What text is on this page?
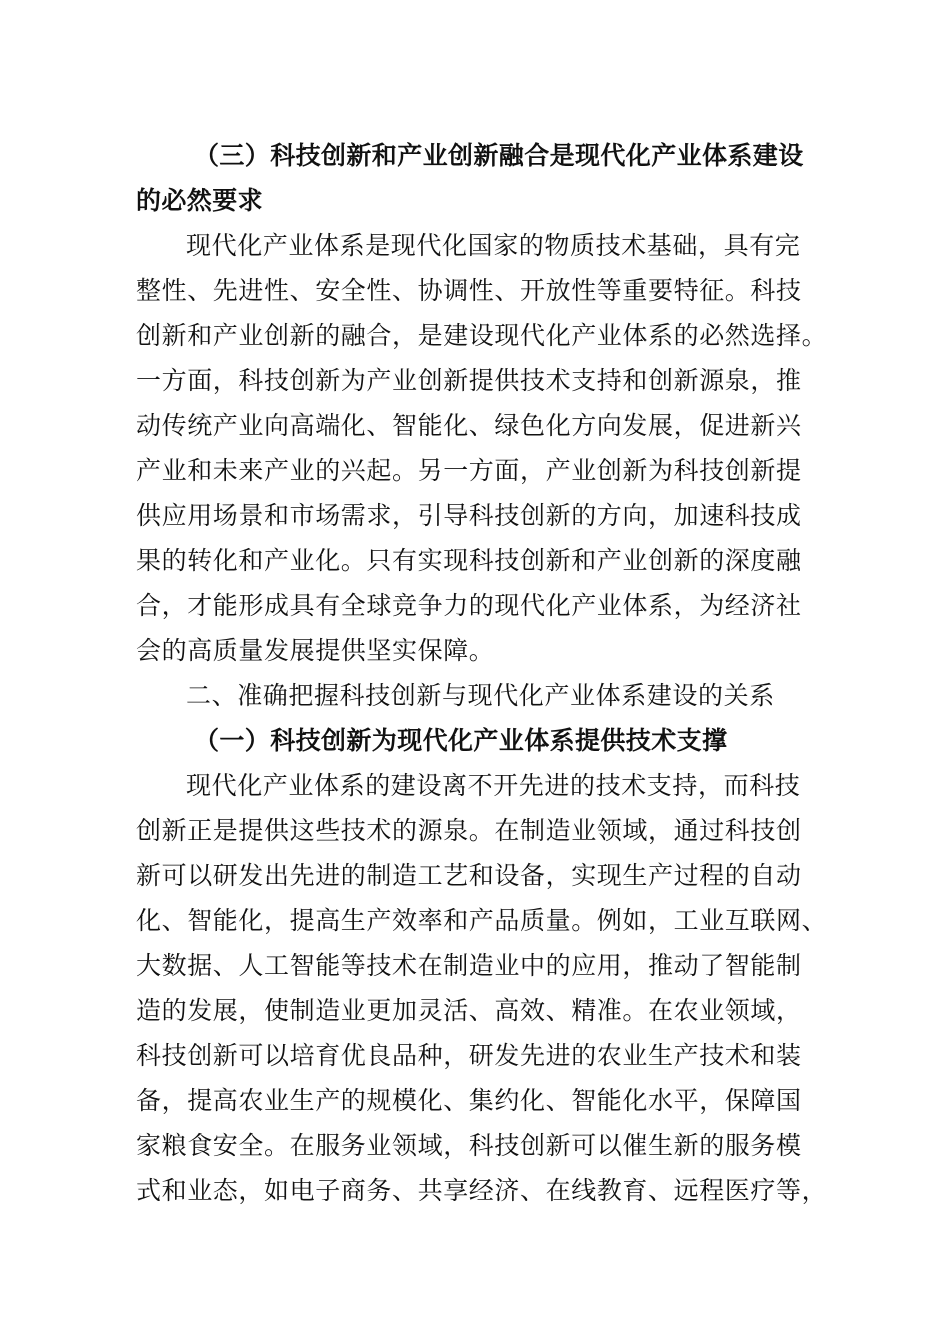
（三）科技创新和产业创新融合是现代化产业体系建设
的必然要求
现代化产业体系是现代化国家的物质技术基础，具有完
整性、先进性、安全性、协调性、开放性等重要特征。科技
创新和产业创新的融合，是建设现代化产业体系的必然选择。
一方面，科技创新为产业创新提供技术支持和创新源泉，推
动传统产业向高端化、智能化、绿色化方向发展，促进新兴
产业和未来产业的兴起。另一方面，产业创新为科技创新提
供应用场景和市场需求，引导科技创新的方向，加速科技成
果的转化和产业化。只有实现科技创新和产业创新的深度融
合，才能形成具有全球竞争力的现代化产业体系，为经济社
会的高质量发展提供坚实保障。
二、准确把握科技创新与现代化产业体系建设的关系
（一）科技创新为现代化产业体系提供技术支撑
现代化产业体系的建设离不开先进的技术支持，而科技
创新正是提供这些技术的源泉。在制造业领域，通过科技创
新可以研发出先进的制造工艺和设备，实现生产过程的自动
化、智能化，提高生产效率和产品质量。例如，工业互联网、
大数据、人工智能等技术在制造业中的应用，推动了智能制
造的发展，使制造业更加灵活、高效、精准。在农业领域，
科技创新可以培育优良品种，研发先进的农业生产技术和装
备，提高农业生产的规模化、集约化、智能化水平，保障国
家粮食安全。在服务业领域，科技创新可以催生新的服务模
式和业态，如电子商务、共享经济、在线教育、远程医疗等，
